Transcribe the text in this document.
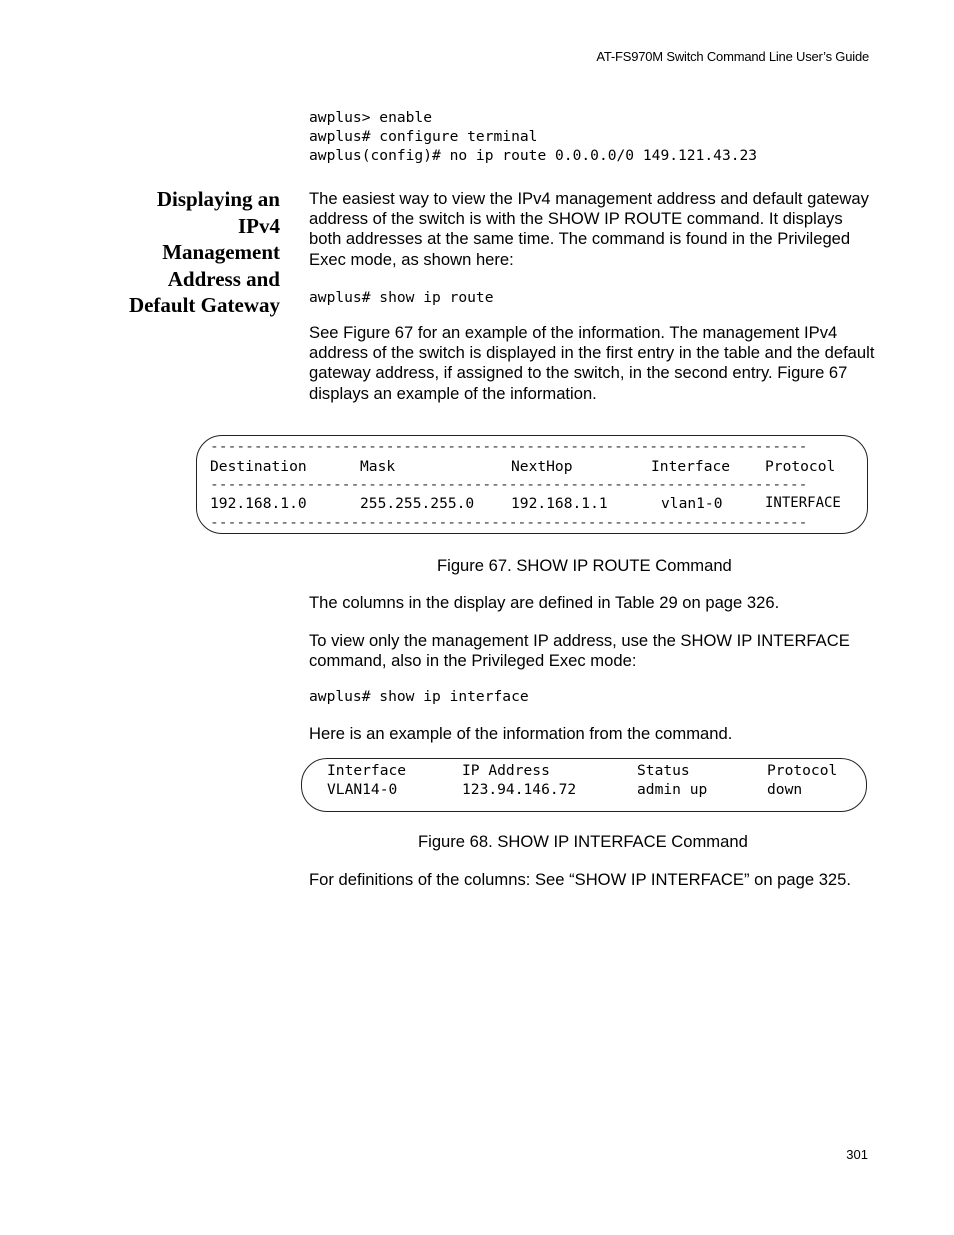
AT-FS970M Switch Command Line User’s Guide
awplus> enable
awplus# configure terminal
awplus(config)# no ip route 0.0.0.0/0 149.121.43.23
Displaying an
IPv4
Management
Address and
Default Gateway
The easiest way to view the IPv4 management address and default gateway address of the switch is with the SHOW IP ROUTE command. It displays both addresses at the same time. The command is found in the Privileged Exec mode, as shown here:
awplus# show ip route
See Figure 67 for an example of the information. The management IPv4 address of the switch is displayed in the first entry in the table and the default gateway address, if assigned to the switch, in the second entry. Figure 67 displays an example of the information.
--------------------------------------------------------------------
Destination	Mask	NextHop	Interface Protocol
--------------------------------------------------------------------
192.168.1.0	255.255.255.0	192.168.1.1	vlan1-0	INTERFACE
--------------------------------------------------------------------
Figure 67. SHOW IP ROUTE Command
The columns in the display are defined in Table 29 on page 326.
To view only the management IP address, use the SHOW IP INTERFACE command, also in the Privileged Exec mode:
awplus# show ip interface
Here is an example of the information from the command.
Interface	IP Address	Status	Protocol
VLAN14-0	123.94.146.72	admin up	down
Figure 68. SHOW IP INTERFACE Command
For definitions of the columns: See “SHOW IP INTERFACE” on page 325.
301
